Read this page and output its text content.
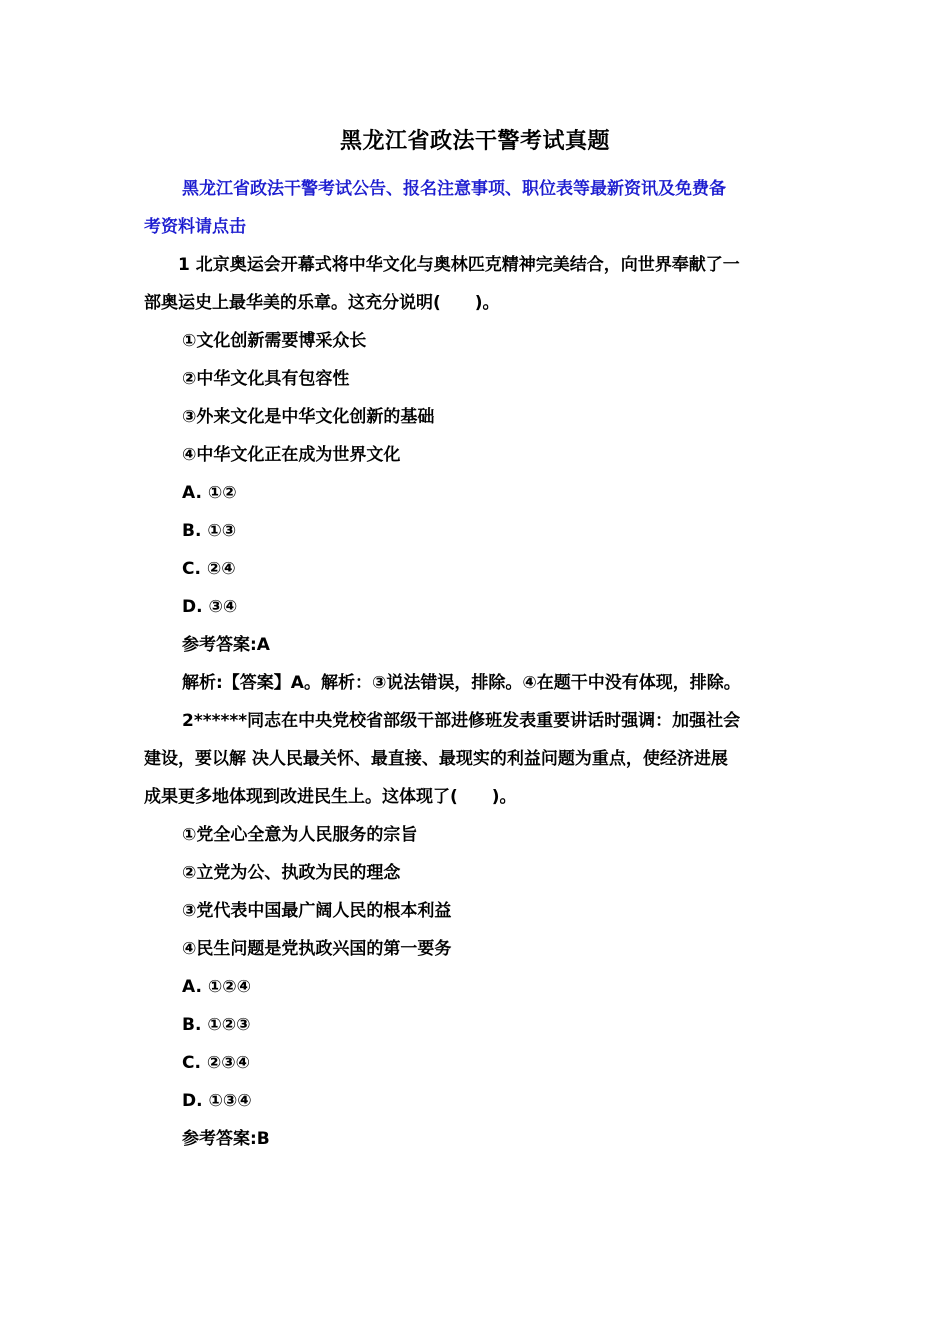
黑龙江省政法干警考试真题
黑龙江省政法干警考试公告、报名注意事项、职位表等最新资讯及免费备
考资料请点击
1 北京奥运会开幕式将中华文化与奥林匹克精神完美结合，向世界奉献了一
部奥运史上最华美的乐章。这充分说明(　　)。
①文化创新需要博采众长
②中华文化具有包容性
③外来文化是中华文化创新的基础
④中华文化正在成为世界文化
A. ①②
B. ①③
C. ②④
D. ③④
参考答案:A
解析:【答案】A。解析：③说法错误，排除。④在题干中没有体现，排除。
2******同志在中央党校省部级干部进修班发表重要讲话时强调：加强社会
建设，要以解 决人民最关怀、最直接、最现实的利益问题为重点，使经济进展
成果更多地体现到改进民生上。这体现了(　　)。
①党全心全意为人民服务的宗旨
②立党为公、执政为民的理念
③党代表中国最广阔人民的根本利益
④民生问题是党执政兴国的第一要务
A. ①②④
B. ①②③
C. ②③④
D. ①③④
参考答案:B
